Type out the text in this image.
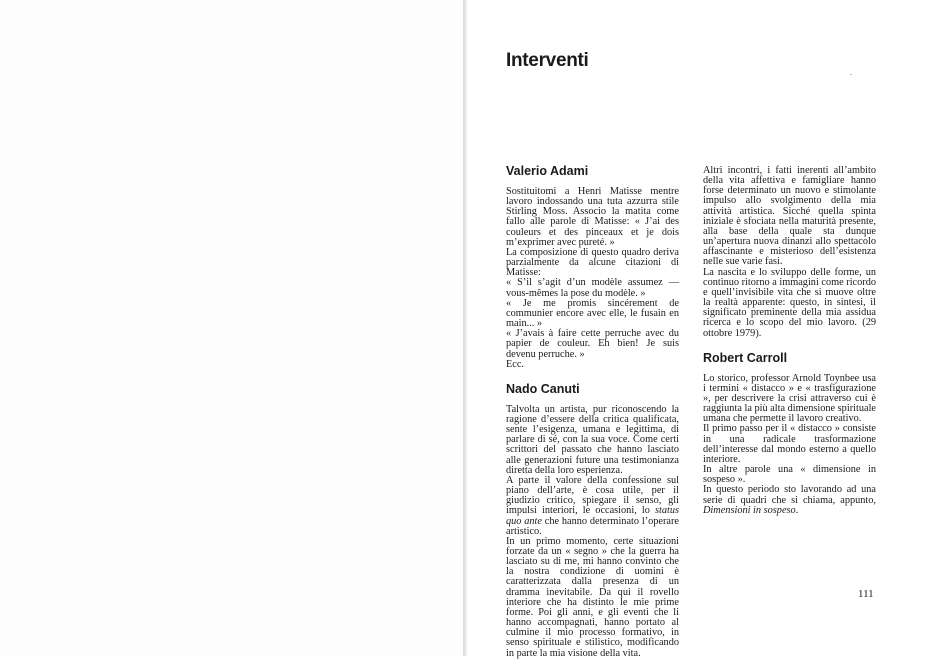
Interventi
Valerio Adami

Sostituitomi a Henri Matisse mentre lavoro indossando una tuta azzurra stile Stirling Moss. Associo la matita come fallo alle parole di Matisse: « J’ai des couleurs et des pinceaux et je dois m’exprimer avec pureté. »

La composizione di questo quadro deriva parzialmente da alcune citazioni di Matisse:

« S’il s’agit d’un modèle assumez — vous-mêmes la pose du modèle. »

« Je me promis sincérement de communier encore avec elle, le fusain en main... »

« J’avais à faire cette perruche avec du papier de couleur. Eh bien! Je suis devenu perruche. »

Ecc.

Nado Canuti

Talvolta un artista, pur riconoscendo la ragione d’essere della critica qualificata, sente l’esigenza, umana e legittima, di parlare di sé, con la sua voce. Come certi scrittori del passato che hanno lasciato alle generazioni future una testimonianza diretta della loro esperienza.

A parte il valore della confessione sul piano dell’arte, è cosa utile, per il giudizio critico, spiegare il senso, gli impulsi interiori, le occasioni, lo status quo ante che hanno determinato l’operare artistico.

In un primo momento, certe situazioni forzate da un « segno » che la guerra ha lasciato su di me, mi hanno convinto che la nostra condizione di uomini è caratterizzata dalla presenza di un dramma inevitabile. Da qui il rovello interiore che ha distinto le mie prime forme. Poi gli anni, e gli eventi che li hanno accompagnati, hanno portato al culmine il mio processo formativo, in senso spirituale e stilistico, modificando in parte la mia visione della vita.

Altri incontri, i fatti inerenti all’ambito della vita affettiva e famigliare hanno forse determinato un nuovo e stimolante impulso allo svolgimento della mia attività artistica. Sicché quella spinta iniziale è sfociata nella maturità presente, alla base della quale sta dunque un’apertura nuova dinanzi allo spettacolo affascinante e misterioso dell’esistenza nelle sue varie fasi.

La nascita e lo sviluppo delle forme, un continuo ritorno a immagini come ricordo e quell’invisibile vita che si muove oltre la realtà apparente: questo, in sintesi, il significato preminente della mia assidua ricerca e lo scopo del mio lavoro. (29 ottobre 1979).

Robert Carroll

Lo storico, professor Arnold Toynbee usa i termini « distacco » e « trasfigurazione », per descrivere la crisi attraverso cui è raggiunta la più alta dimensione spirituale umana che permette il lavoro creativo.

Il primo passo per il « distacco » consiste in una radicale trasformazione dell’interesse dal mondo esterno a quello interiore.

In altre parole una « dimensione in sospeso ».

In questo periodo sto lavorando ad una serie di quadri che si chiama, appunto, Dimensioni in sospeso.

111
